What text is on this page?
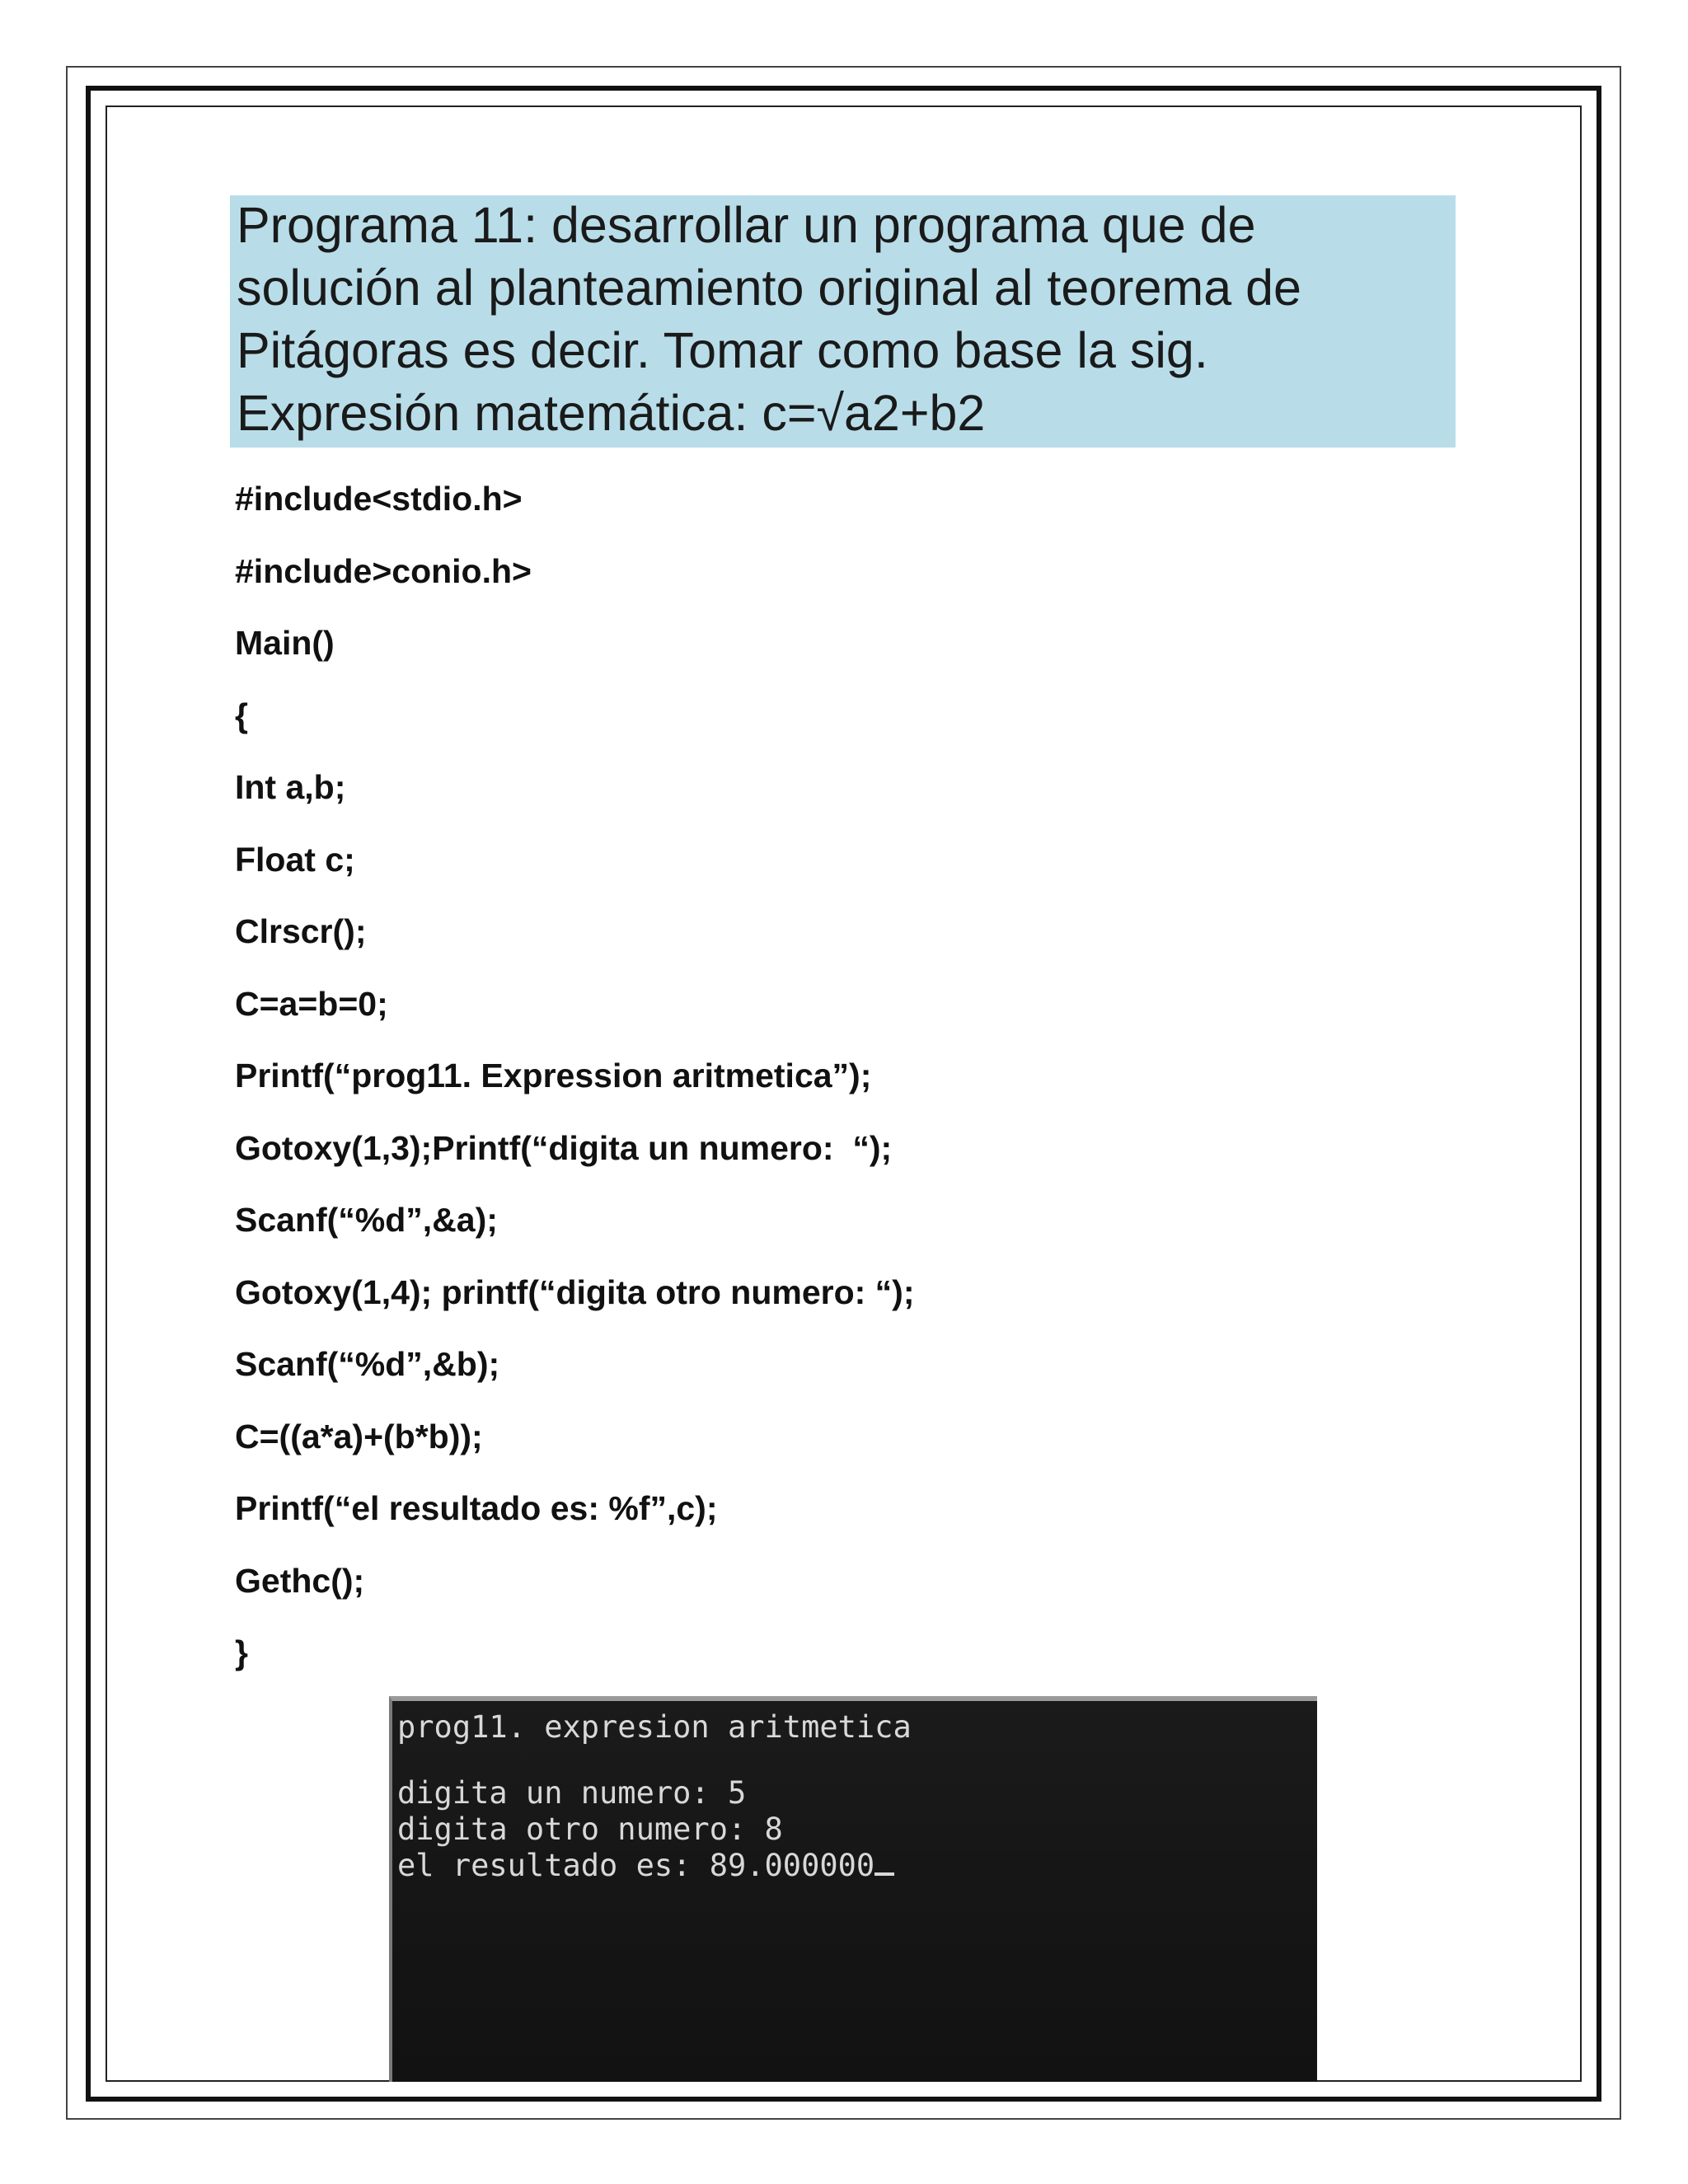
Programa 11: desarrollar un programa que de
solución al planteamiento original al teorema de
Pitágoras es decir. Tomar como base la sig.
Expresión matemática: c=√a2+b2
#include<stdio.h>
#include>conio.h>
Main()
{
Int a,b;
Float c;
Clrscr();
C=a=b=0;
Printf(“prog11. Expression aritmetica”);
Gotoxy(1,3);Printf(“digita un numero:  “);
Scanf(“%d”,&a);
Gotoxy(1,4); printf(“digita otro numero: “);
Scanf(“%d”,&b);
C=((a*a)+(b*b));
Printf(“el resultado es: %f”,c);
Gethc();
}
prog11. expresion aritmetica
digita un numero: 5
digita otro numero: 8
el resultado es: 89.000000
